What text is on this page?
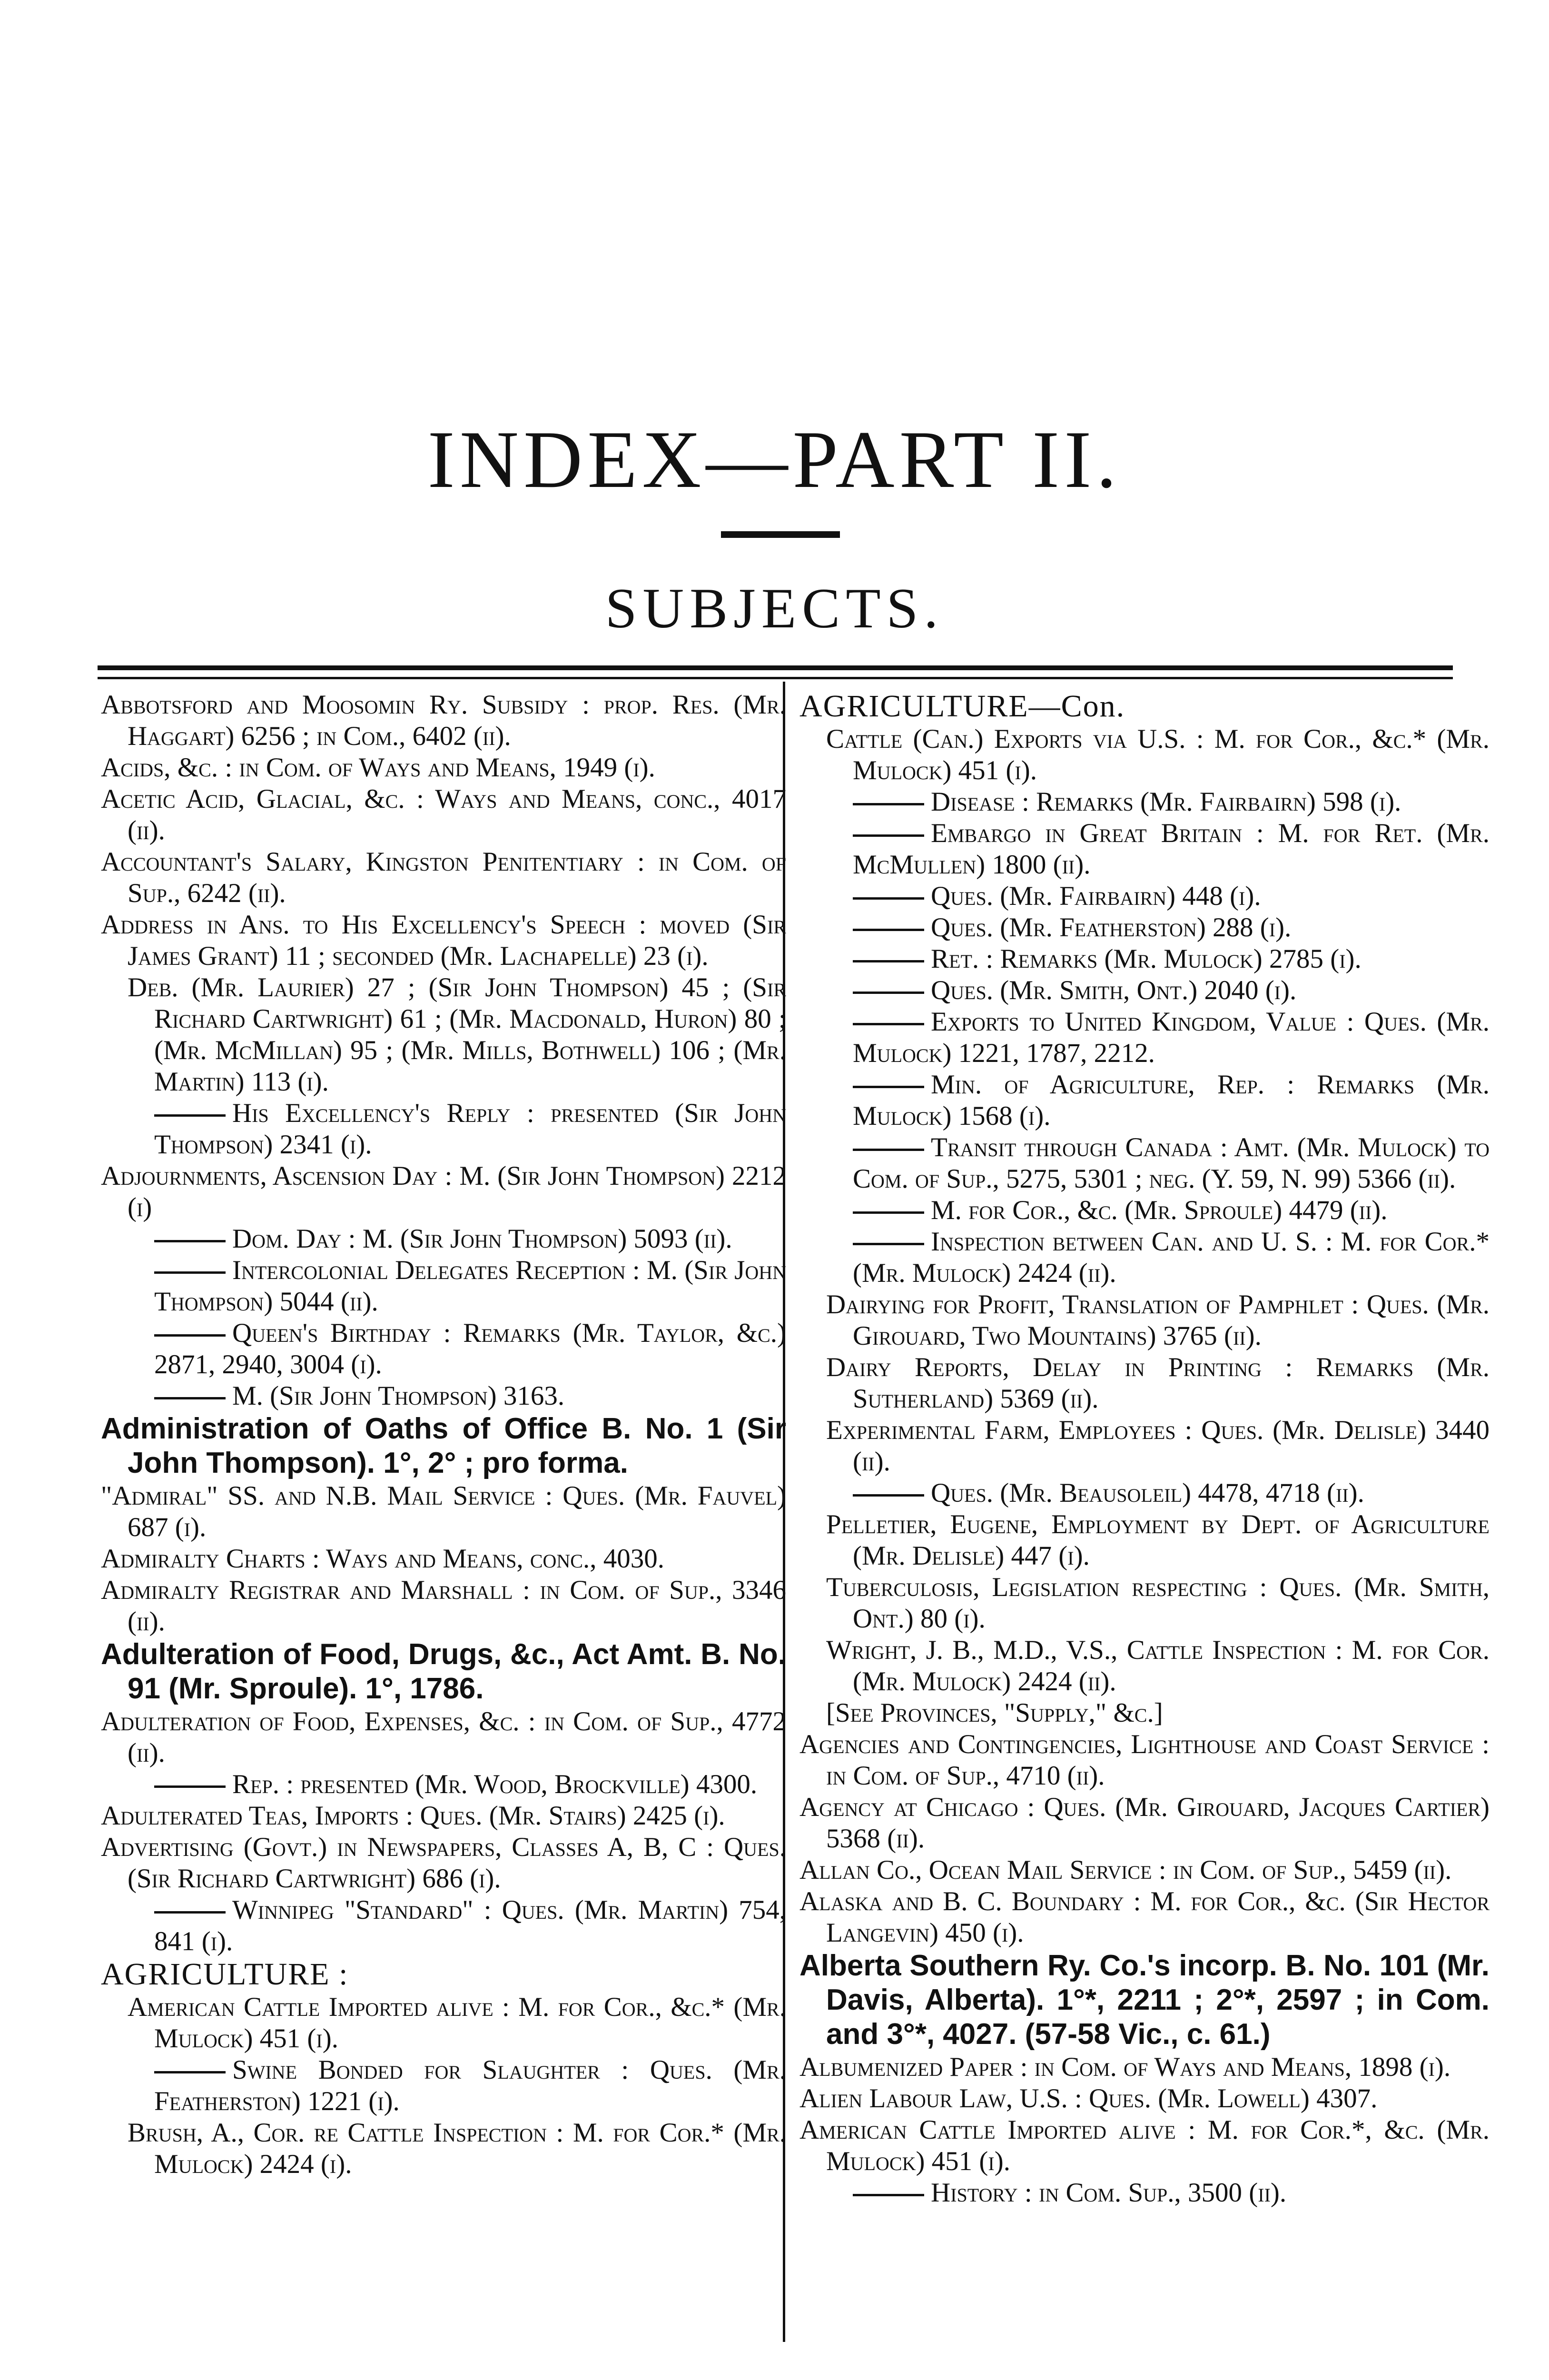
INDEX—PART II.
SUBJECTS.

Abbotsford and Moosomin Ry. Subsidy : prop. Res. (Mr. Haggart) 6256 ; in Com., 6402 (ii).

Acids, &c. : in Com. of Ways and Means, 1949 (i).

Acetic Acid, Glacial, &c. : Ways and Means, conc., 4017 (ii).

Accountant's Salary, Kingston Penitentiary : in Com. of Sup., 6242 (ii).

Address in Ans. to His Excellency's Speech : moved (Sir James Grant) 11 ; seconded (Mr. Lachapelle) 23 (i).

Deb. (Mr. Laurier) 27 ; (Sir John Thompson) 45 ; (Sir Richard Cartwright) 61 ; (Mr. Macdonald, Huron) 80 ; (Mr. McMillan) 95 ; (Mr. Mills, Bothwell) 106 ; (Mr. Martin) 113 (i).

His Excellency's Reply : presented (Sir John Thompson) 2341 (i).

Adjournments, Ascension Day : M. (Sir John Thompson) 2212 (i)

Dom. Day : M. (Sir John Thompson) 5093 (ii).

Intercolonial Delegates Reception : M. (Sir John Thompson) 5044 (ii).

Queen's Birthday : Remarks (Mr. Taylor, &c.) 2871, 2940, 3004 (i).

M. (Sir John Thompson) 3163.

Administration of Oaths of Office B. No. 1 (Sir John Thompson). 1°, 2° ; pro forma.

"Admiral" SS. and N.B. Mail Service : Ques. (Mr. Fauvel) 687 (i).

Admiralty Charts : Ways and Means, conc., 4030.

Admiralty Registrar and Marshall : in Com. of Sup., 3346 (ii).

Adulteration of Food, Drugs, &c., Act Amt. B. No. 91 (Mr. Sproule). 1°, 1786.

Adulteration of Food, Expenses, &c. : in Com. of Sup., 4772 (ii).

Rep. : presented (Mr. Wood, Brockville) 4300.

Adulterated Teas, Imports : Ques. (Mr. Stairs) 2425 (i).

Advertising (Govt.) in Newspapers, Classes A, B, C : Ques. (Sir Richard Cartwright) 686 (i).

Winnipeg "Standard" : Ques. (Mr. Martin) 754, 841 (i).

AGRICULTURE :

American Cattle Imported alive : M. for Cor., &c.* (Mr. Mulock) 451 (i).

Swine Bonded for Slaughter : Ques. (Mr. Featherston) 1221 (i).

Brush, A., Cor. re Cattle Inspection : M. for Cor.* (Mr. Mulock) 2424 (i).

AGRICULTURE—Con.

Cattle (Can.) Exports via U.S. : M. for Cor., &c.* (Mr. Mulock) 451 (i).

Disease : Remarks (Mr. Fairbairn) 598 (i).

Embargo in Great Britain : M. for Ret. (Mr. McMullen) 1800 (ii).

Ques. (Mr. Fairbairn) 448 (i).

Ques. (Mr. Featherston) 288 (i).

Ret. : Remarks (Mr. Mulock) 2785 (i).

Ques. (Mr. Smith, Ont.) 2040 (i).

Exports to United Kingdom, Value : Ques. (Mr. Mulock) 1221, 1787, 2212.

Min. of Agriculture, Rep. : Remarks (Mr. Mulock) 1568 (i).

Transit through Canada : Amt. (Mr. Mulock) to Com. of Sup., 5275, 5301 ; neg. (Y. 59, N. 99) 5366 (ii).

M. for Cor., &c. (Mr. Sproule) 4479 (ii).

Inspection between Can. and U. S. : M. for Cor.* (Mr. Mulock) 2424 (ii).

Dairying for Profit, Translation of Pamphlet : Ques. (Mr. Girouard, Two Mountains) 3765 (ii).

Dairy Reports, Delay in Printing : Remarks (Mr. Sutherland) 5369 (ii).

Experimental Farm, Employees : Ques. (Mr. Delisle) 3440 (ii).

Ques. (Mr. Beausoleil) 4478, 4718 (ii).

Pelletier, Eugene, Employment by Dept. of Agriculture (Mr. Delisle) 447 (i).

Tuberculosis, Legislation respecting : Ques. (Mr. Smith, Ont.) 80 (i).

Wright, J. B., M.D., V.S., Cattle Inspection : M. for Cor. (Mr. Mulock) 2424 (ii).

[See Provinces, "Supply," &c.]

Agencies and Contingencies, Lighthouse and Coast Service : in Com. of Sup., 4710 (ii).

Agency at Chicago : Ques. (Mr. Girouard, Jacques Cartier) 5368 (ii).

Allan Co., Ocean Mail Service : in Com. of Sup., 5459 (ii).

Alaska and B. C. Boundary : M. for Cor., &c. (Sir Hector Langevin) 450 (i).

Alberta Southern Ry. Co.'s incorp. B. No. 101 (Mr. Davis, Alberta). 1°*, 2211 ; 2°*, 2597 ; in Com. and 3°*, 4027. (57-58 Vic., c. 61.)

Albumenized Paper : in Com. of Ways and Means, 1898 (i).

Alien Labour Law, U.S. : Ques. (Mr. Lowell) 4307.

American Cattle Imported alive : M. for Cor.*, &c. (Mr. Mulock) 451 (i).

History : in Com. Sup., 3500 (ii).
